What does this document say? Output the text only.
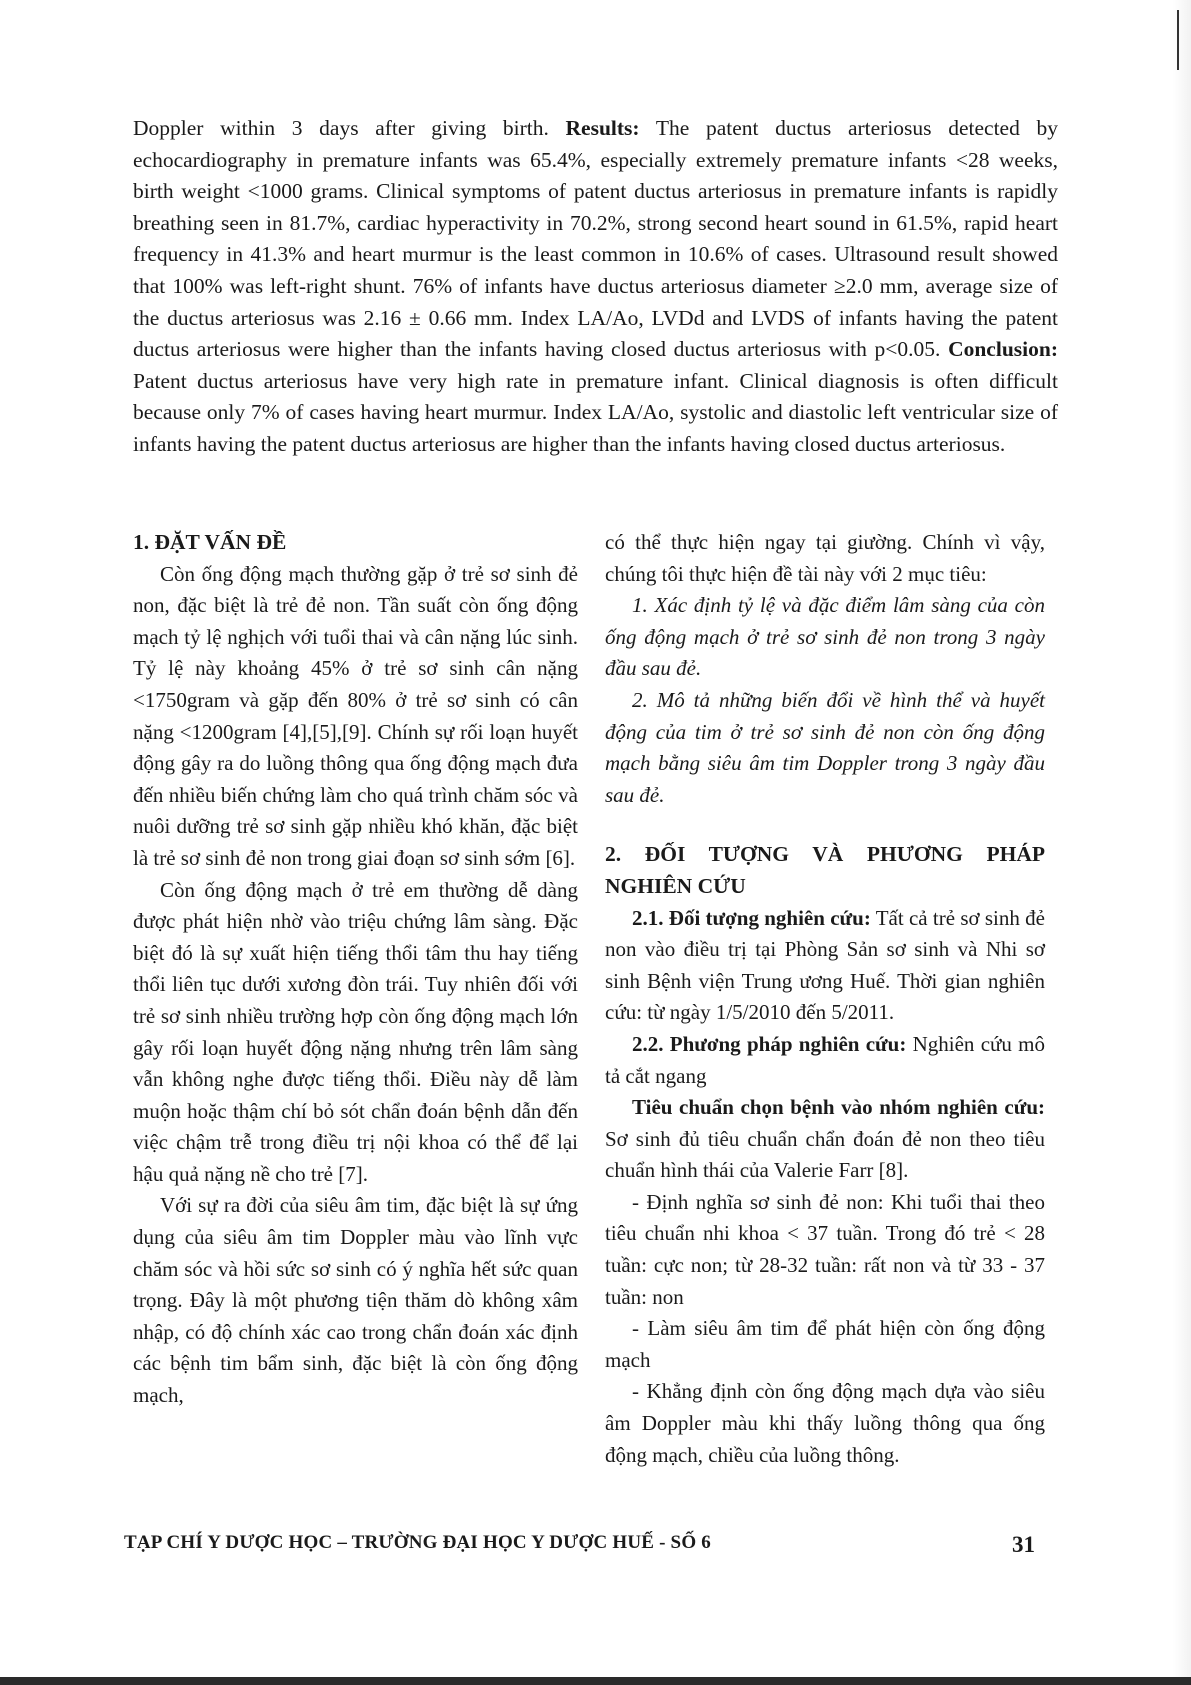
Doppler within 3 days after giving birth. Results: The patent ductus arteriosus detected by echocardiography in premature infants was 65.4%, especially extremely premature infants <28 weeks, birth weight <1000 grams. Clinical symptoms of patent ductus arteriosus in premature infants is rapidly breathing seen in 81.7%, cardiac hyperactivity in 70.2%, strong second heart sound in 61.5%, rapid heart frequency in 41.3% and heart murmur is the least common in 10.6% of cases. Ultrasound result showed that 100% was left-right shunt. 76% of infants have ductus arteriosus diameter ≥2.0 mm, average size of the ductus arteriosus was 2.16 ± 0.66 mm. Index LA/Ao, LVDd and LVDS of infants having the patent ductus arteriosus were higher than the infants having closed ductus arteriosus with p<0.05. Conclusion: Patent ductus arteriosus have very high rate in premature infant. Clinical diagnosis is often difficult because only 7% of cases having heart murmur. Index LA/Ao, systolic and diastolic left ventricular size of infants having the patent ductus arteriosus are higher than the infants having closed ductus arteriosus.
1. ĐẶT VẤN ĐỀ

Còn ống động mạch thường gặp ở trẻ sơ sinh đẻ non, đặc biệt là trẻ đẻ non. Tần suất còn ống động mạch tỷ lệ nghịch với tuổi thai và cân nặng lúc sinh. Tỷ lệ này khoảng 45% ở trẻ sơ sinh cân nặng <1750gram và gặp đến 80% ở trẻ sơ sinh có cân nặng <1200gram [4],[5],[9]. Chính sự rối loạn huyết động gây ra do luồng thông qua ống động mạch đưa đến nhiều biến chứng làm cho quá trình chăm sóc và nuôi dưỡng trẻ sơ sinh gặp nhiều khó khăn, đặc biệt là trẻ sơ sinh đẻ non trong giai đoạn sơ sinh sớm [6].

Còn ống động mạch ở trẻ em thường dễ dàng được phát hiện nhờ vào triệu chứng lâm sàng. Đặc biệt đó là sự xuất hiện tiếng thổi tâm thu hay tiếng thổi liên tục dưới xương đòn trái. Tuy nhiên đối với trẻ sơ sinh nhiều trường hợp còn ống động mạch lớn gây rối loạn huyết động nặng nhưng trên lâm sàng vẫn không nghe được tiếng thổi. Điều này dễ làm muộn hoặc thậm chí bỏ sót chẩn đoán bệnh dẫn đến việc chậm trễ trong điều trị nội khoa có thể để lại hậu quả nặng nề cho trẻ [7].

Với sự ra đời của siêu âm tim, đặc biệt là sự ứng dụng của siêu âm tim Doppler màu vào lĩnh vực chăm sóc và hồi sức sơ sinh có ý nghĩa hết sức quan trọng. Đây là một phương tiện thăm dò không xâm nhập, có độ chính xác cao trong chẩn đoán xác định các bệnh tim bẩm sinh, đặc biệt là còn ống động mạch,

có thể thực hiện ngay tại giường. Chính vì vậy, chúng tôi thực hiện đề tài này với 2 mục tiêu:

1. Xác định tỷ lệ và đặc điểm lâm sàng của còn ống động mạch ở trẻ sơ sinh đẻ non trong 3 ngày đầu sau đẻ.

2. Mô tả những biến đổi về hình thể và huyết động của tim ở trẻ sơ sinh đẻ non còn ống động mạch bằng siêu âm tim Doppler trong 3 ngày đầu sau đẻ.

2. ĐỐI TƯỢNG VÀ PHƯƠNG PHÁP NGHIÊN CỨU

2.1. Đối tượng nghiên cứu: Tất cả trẻ sơ sinh đẻ non vào điều trị tại Phòng Sản sơ sinh và Nhi sơ sinh Bệnh viện Trung ương Huế. Thời gian nghiên cứu: từ ngày 1/5/2010 đến 5/2011.

2.2. Phương pháp nghiên cứu: Nghiên cứu mô tả cắt ngang

Tiêu chuẩn chọn bệnh vào nhóm nghiên cứu: Sơ sinh đủ tiêu chuẩn chẩn đoán đẻ non theo tiêu chuẩn hình thái của Valerie Farr [8].

- Định nghĩa sơ sinh đẻ non: Khi tuổi thai theo tiêu chuẩn nhi khoa < 37 tuần. Trong đó trẻ < 28 tuần: cực non; từ 28-32 tuần: rất non và từ 33 - 37 tuần: non

- Làm siêu âm tim để phát hiện còn ống động mạch

- Khẳng định còn ống động mạch dựa vào siêu âm Doppler màu khi thấy luồng thông qua ống động mạch, chiều của luồng thông.

TẠP CHÍ Y DƯỢC HỌC – TRƯỜNG ĐẠI HỌC Y DƯỢC HUẾ - SỐ 6	31
